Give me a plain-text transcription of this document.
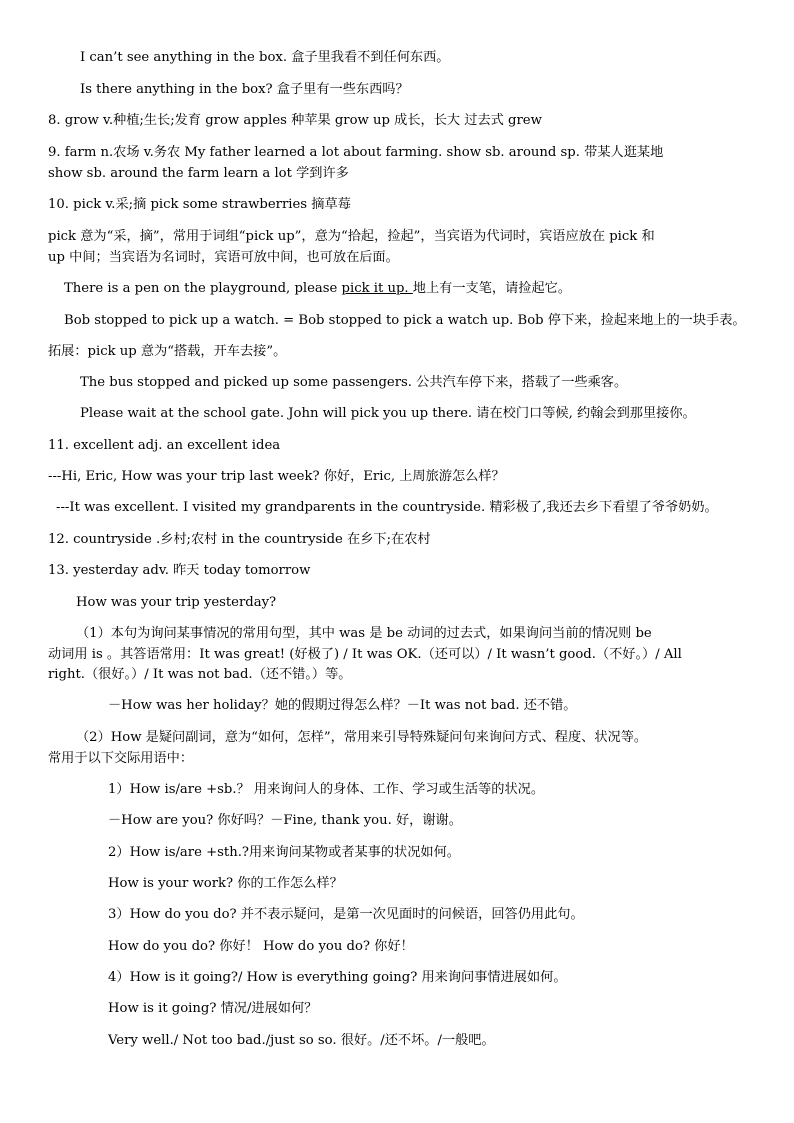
I can’t see anything in the box. 盒子里我看不到任何东西。
Is there anything in the box? 盒子里有一些东西吗？
8. grow v.种植;生长;发育 grow apples 种苹果 grow up 成长，长大 过去式 grew
9. farm n.农场 v.务农 My father learned a lot about farming. show sb. around sp. 带某人逛某地
show sb. around the farm learn a lot 学到许多
10. pick v.采;摘 pick some strawberries 摘草莓
pick 意为“采，摘”，常用于词组“pick up”，意为“拾起，捡起”，当宾语为代词时，宾语应放在 pick 和
up 中间；当宾语为名词时，宾语可放中间，也可放在后面。
There is a pen on the playground, please pick it up. 地上有一支笔，请捡起它。
Bob stopped to pick up a watch. = Bob stopped to pick a watch up. Bob 停下来，捡起来地上的一块手表。
拓展：pick up 意为“搭载，开车去接”。
The bus stopped and picked up some passengers. 公共汽车停下来，搭载了一些乘客。
Please wait at the school gate. John will pick you up there. 请在校门口等候, 约翰会到那里接你。
11. excellent adj. an excellent idea
---Hi, Eric, How was your trip last week? 你好，Eric, 上周旅游怎么样？
---It was excellent. I visited my grandparents in the countryside. 精彩极了,我还去乡下看望了爷爷奶奶。
12. countryside .乡村;农村 in the countryside 在乡下;在农村
13. yesterday adv. 昨天 today tomorrow
How was your trip yesterday?
（1）本句为询问某事情况的常用句型，其中 was 是 be 动词的过去式，如果询问当前的情况则 be
动词用 is 。其答语常用：It was great! (好极了) / It was OK.（还可以）/ It wasn’t good.（不好。）/ All
right.（很好。）/ It was not bad.（还不错。）等。
－How was her holiday？她的假期过得怎么样？－It was not bad. 还不错。
（2）How 是疑问副词，意为“如何，怎样”，常用来引导特殊疑问句来询问方式、程度、状况等。
常用于以下交际用语中：
1）How is/are +sb.？ 用来询问人的身体、工作、学习或生活等的状况。
－How are you? 你好吗？－Fine, thank you. 好，谢谢。
2）How is/are +sth.?用来询问某物或者某事的状况如何。
How is your work? 你的工作怎么样？
3）How do you do? 并不表示疑问，是第一次见面时的问候语，回答仍用此句。
How do you do? 你好！ How do you do? 你好！
4）How is it going?/ How is everything going? 用来询问事情进展如何。
How is it going? 情况/进展如何？
Very well./ Not too bad./just so so. 很好。/还不坏。/一般吧。
